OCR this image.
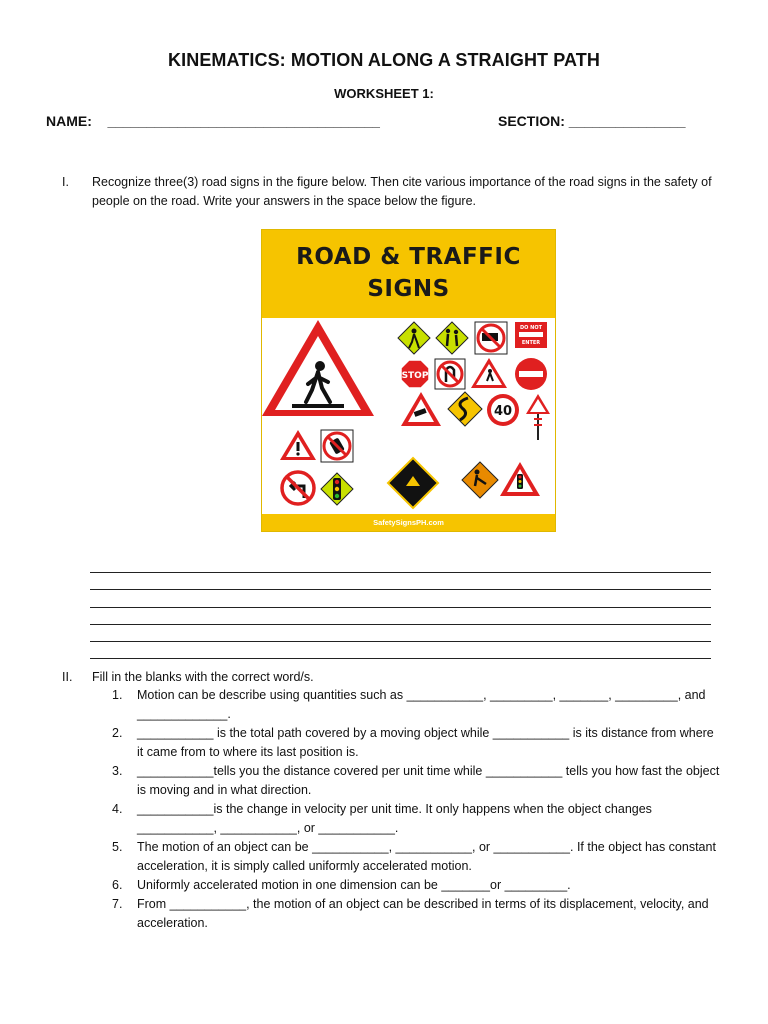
KINEMATICS: MOTION ALONG A STRAIGHT PATH
WORKSHEET 1:
NAME:    ___________________________________	SECTION: _______________
I. Recognize three(3) road signs in the figure below. Then cite various importance of the road signs in the safety of people on the road. Write your answers in the space below the figure.
ROAD & TRAFFIC
SIGNS
DO NOT
ENTER
STOP
40
SafetySignsPH.com
II. Fill in the blanks with the correct word/s.
1. Motion can be describe using quantities such as ___________, _________, _______, _________, and _____________.
2. ___________ is the total path covered by a moving object while ___________ is its distance from where it came from to where its last position is.
3. ___________tells you the distance covered per unit time while ___________ tells you how fast the object is moving and in what direction.
4. ___________is the change in velocity per unit time. It only happens when the object changes ___________, ___________, or ___________.
5. The motion of an object can be ___________, ___________, or ___________. If the object has constant acceleration, it is simply called uniformly accelerated motion.
6. Uniformly accelerated motion in one dimension can be _______or _________.
7. From ___________, the motion of an object can be described in terms of its displacement, velocity, and acceleration.
